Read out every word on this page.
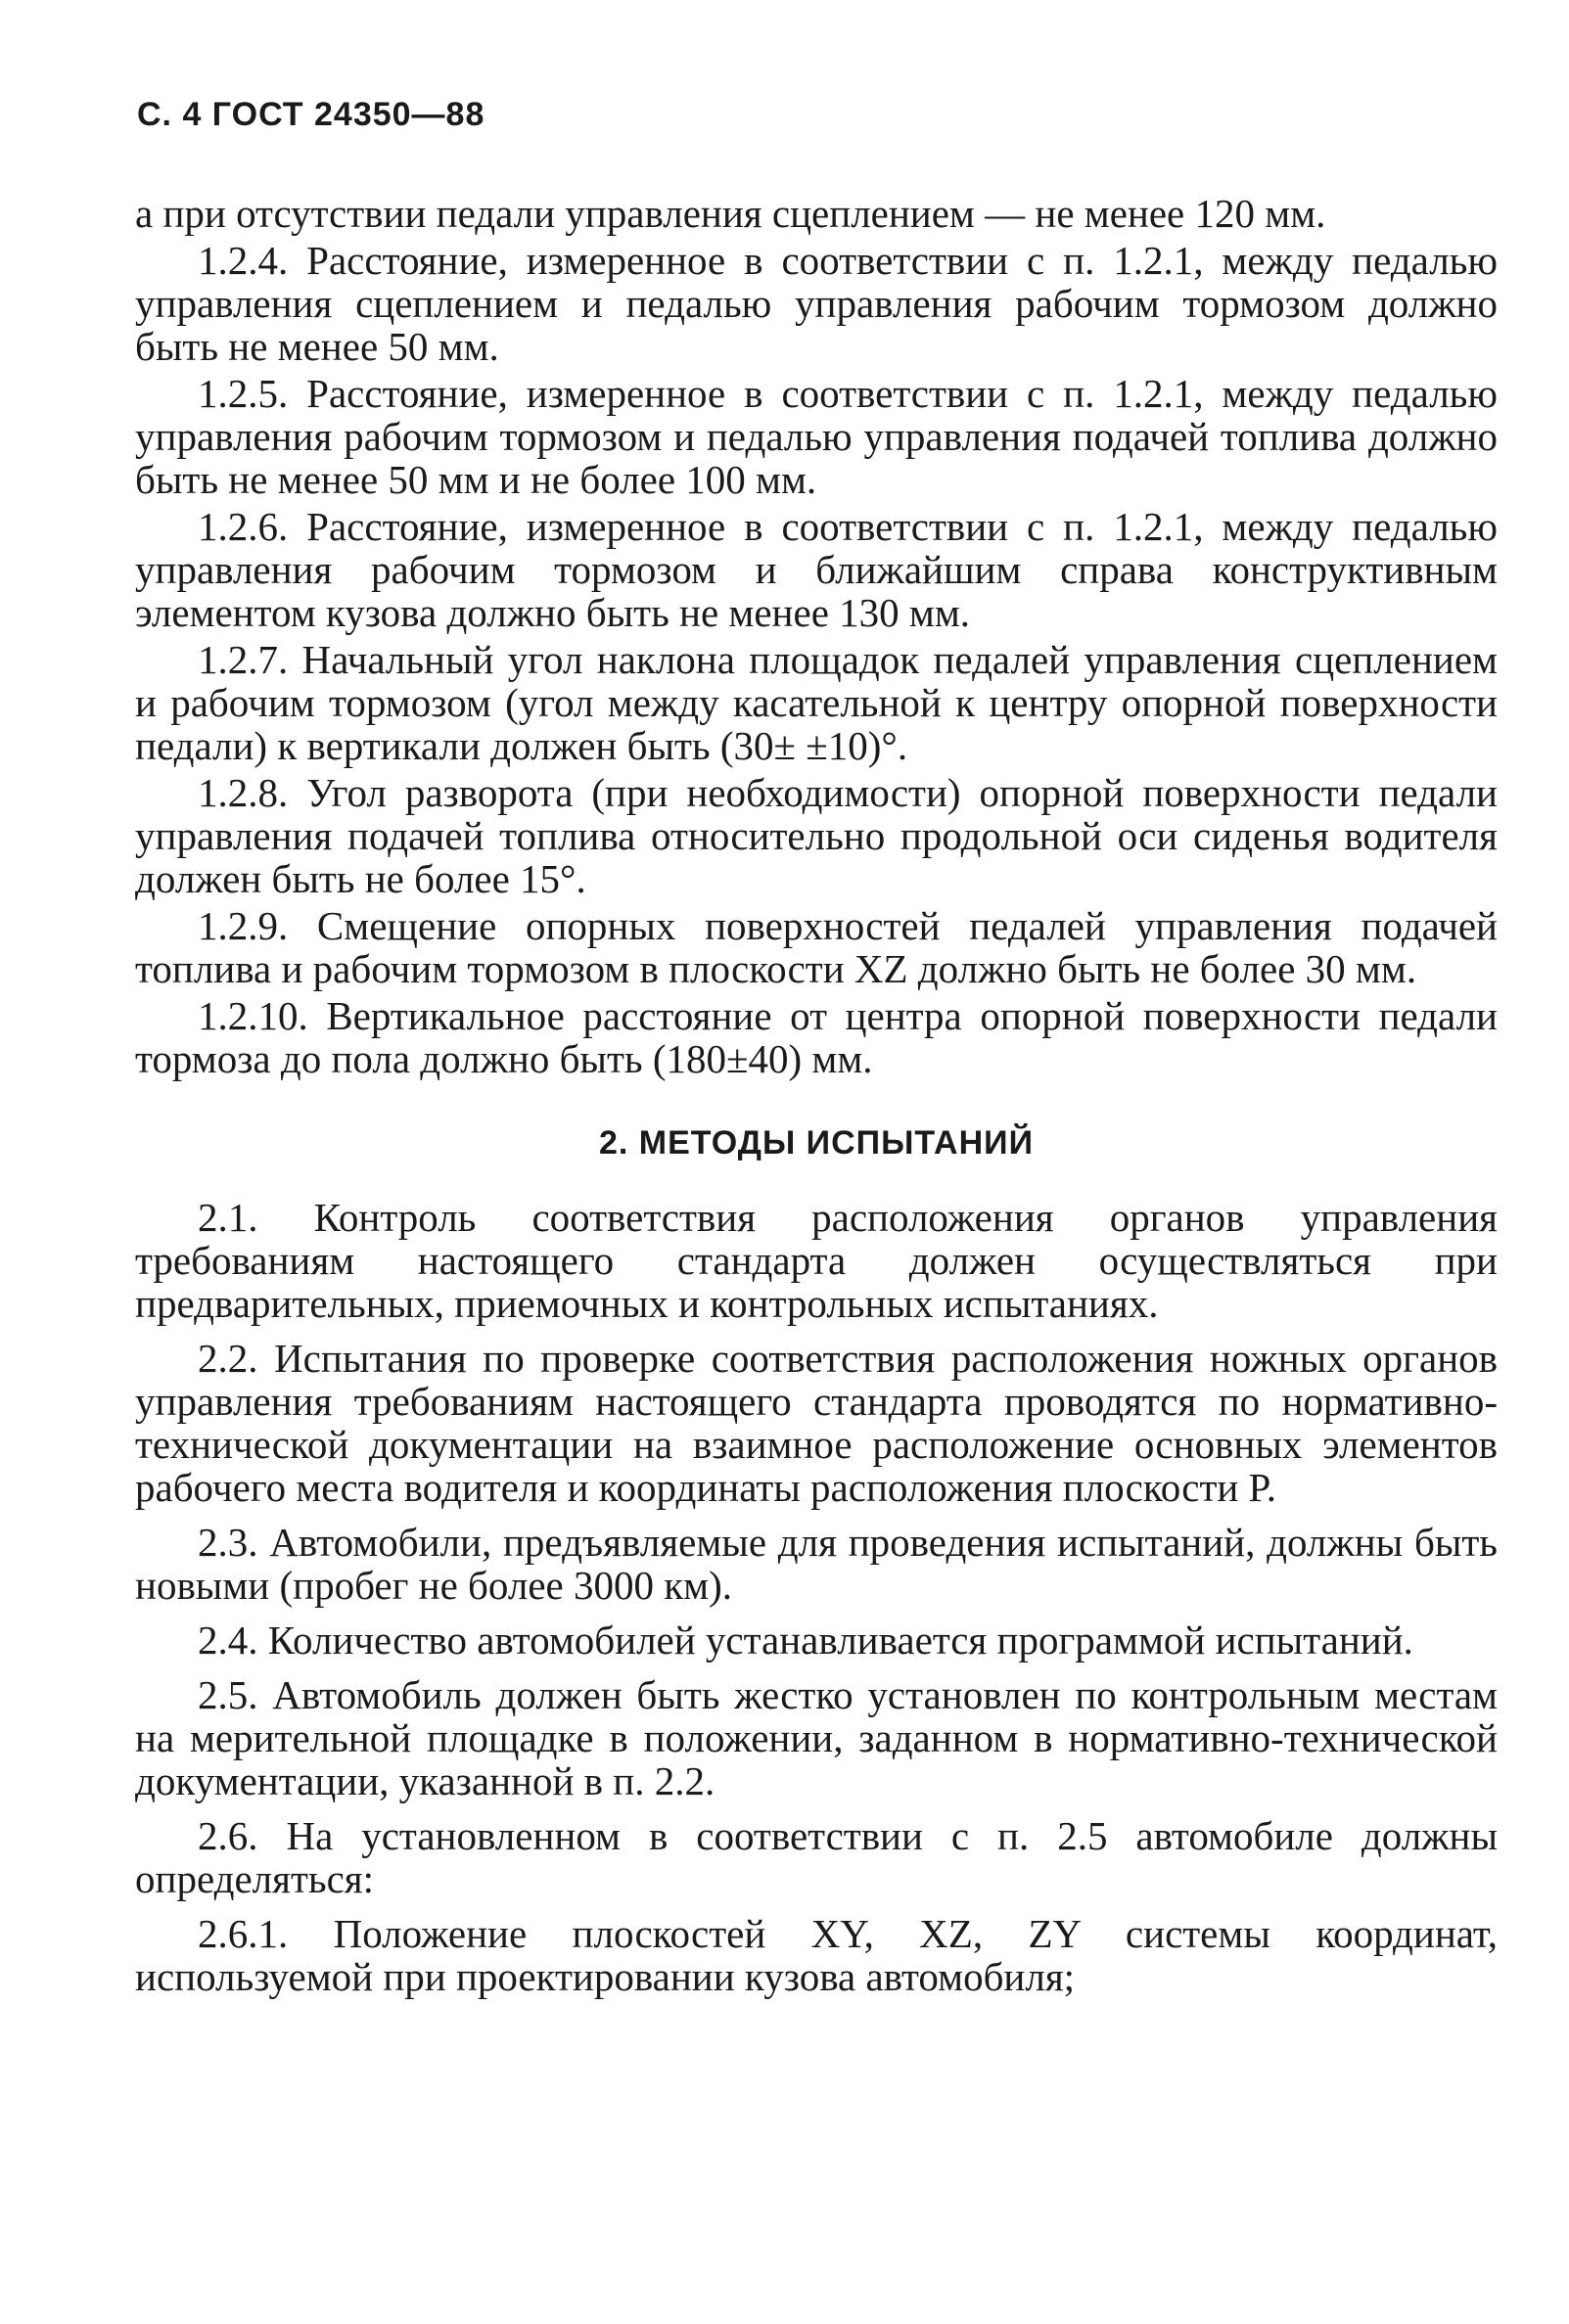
С. 4 ГОСТ 24350—88

а при отсутствии педали управления сцеплением — не менее 120 мм.

1.2.4. Расстояние, измеренное в соответствии с п. 1.2.1, между педалью управления сцеплением и педалью управления рабочим тормозом должно быть не менее 50 мм.

1.2.5. Расстояние, измеренное в соответствии с п. 1.2.1, между педалью управления рабочим тормозом и педалью управления подачей топлива должно быть не менее 50 мм и не более 100 мм.

1.2.6. Расстояние, измеренное в соответствии с п. 1.2.1, между педалью управления рабочим тормозом и ближайшим справа конструктивным элементом кузова должно быть не менее 130 мм.

1.2.7. Начальный угол наклона площадок педалей управления сцеплением и рабочим тормозом (угол между касательной к центру опорной поверхности педали) к вертикали должен быть (30± ±10)°.

1.2.8. Угол разворота (при необходимости) опорной поверхности педали управления подачей топлива относительно продольной оси сиденья водителя должен быть не более 15°.

1.2.9. Смещение опорных поверхностей педалей управления подачей топлива и рабочим тормозом в плоскости XZ должно быть не более 30 мм.

1.2.10. Вертикальное расстояние от центра опорной поверхности педали тормоза до пола должно быть (180±40) мм.

2. МЕТОДЫ ИСПЫТАНИЙ

2.1. Контроль соответствия расположения органов управления требованиям настоящего стандарта должен осуществляться при предварительных, приемочных и контрольных испытаниях.

2.2. Испытания по проверке соответствия расположения ножных органов управления требованиям настоящего стандарта проводятся по нормативно-технической документации на взаимное расположение основных элементов рабочего места водителя и координаты расположения плоскости P.

2.3. Автомобили, предъявляемые для проведения испытаний, должны быть новыми (пробег не более 3000 км).

2.4. Количество автомобилей устанавливается программой испытаний.

2.5. Автомобиль должен быть жестко установлен по контрольным местам на мерительной площадке в положении, заданном в нормативно-технической документации, указанной в п. 2.2.

2.6. На установленном в соответствии с п. 2.5 автомобиле должны определяться:

2.6.1. Положение плоскостей XY, XZ, ZY системы координат, используемой при проектировании кузова автомобиля;
